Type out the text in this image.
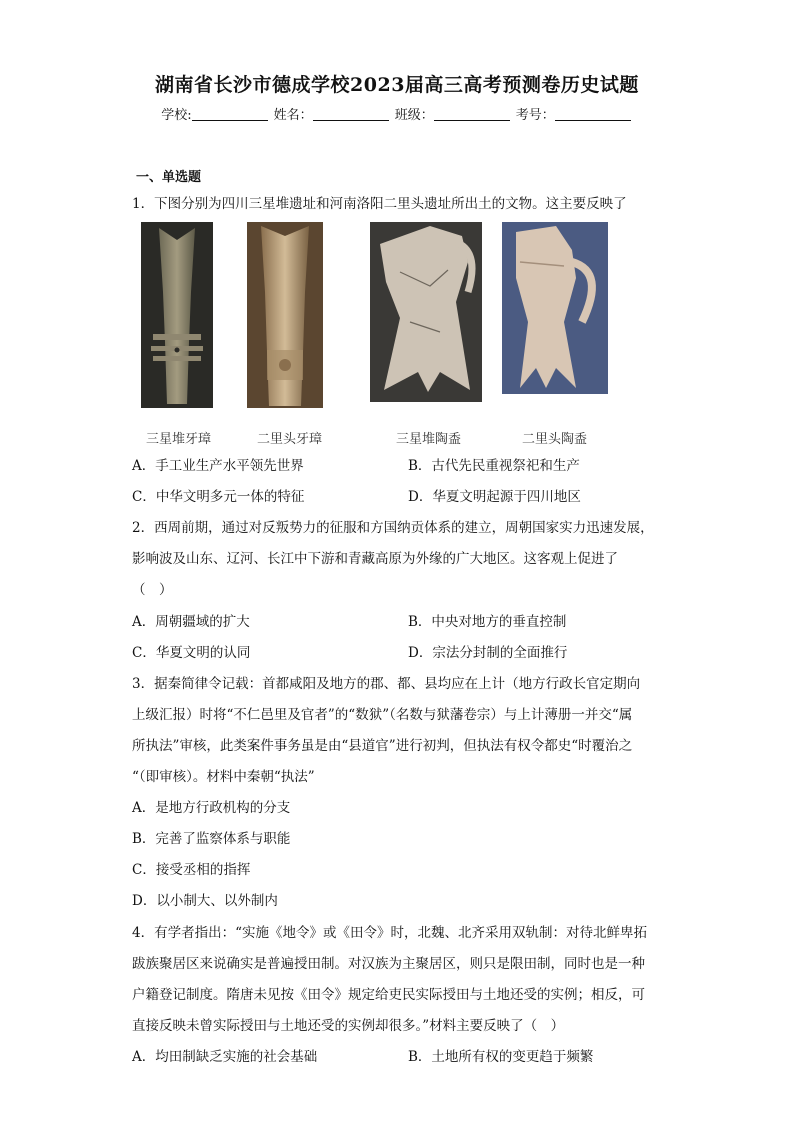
湖南省长沙市德成学校2023届高三高考预测卷历史试题
学校:	姓名：	班级：	考号：
一、单选题
1．下图分别为四川三星堆遗址和河南洛阳二里头遗址所出土的文物。这主要反映了
三星堆牙璋	二里头牙璋	三星堆陶盉	二里头陶盉
A．手工业生产水平领先世界	B．古代先民重视祭祀和生产
C．中华文明多元一体的特征	D．华夏文明起源于四川地区
2．西周前期，通过对反叛势力的征服和方国纳贡体系的建立，周朝国家实力迅速发展，
影响波及山东、辽河、长江中下游和青藏高原为外缘的广大地区。这客观上促进了
（　）
A．周朝疆域的扩大	B．中央对地方的垂直控制
C．华夏文明的认同	D．宗法分封制的全面推行
3．据秦简律令记载：首都咸阳及地方的郡、都、县均应在上计（地方行政长官定期向
上级汇报）时将“不仁邑里及官者”的“数狱”（名数与狱藩卷宗）与上计薄册一并交“属
所执法”审核，此类案件事务虽是由“县道官”进行初判，但执法有权令都史“时覆治之
“（即审核）。材料中秦朝“执法”
A．是地方行政机构的分支
B．完善了监察体系与职能
C．接受丞相的指挥
D．以小制大、以外制内
4．有学者指出：“实施《地令》或《田令》时，北魏、北齐采用双轨制：对待北鲜卑拓
跋族聚居区来说确实是普遍授田制。对汉族为主聚居区，则只是限田制，同时也是一种
户籍登记制度。隋唐未见按《田令》规定给吏民实际授田与土地还受的实例；相反，可
直接反映未曾实际授田与土地还受的实例却很多。”材料主要反映了（　）
A．均田制缺乏实施的社会基础	B．土地所有权的变更趋于频繁
